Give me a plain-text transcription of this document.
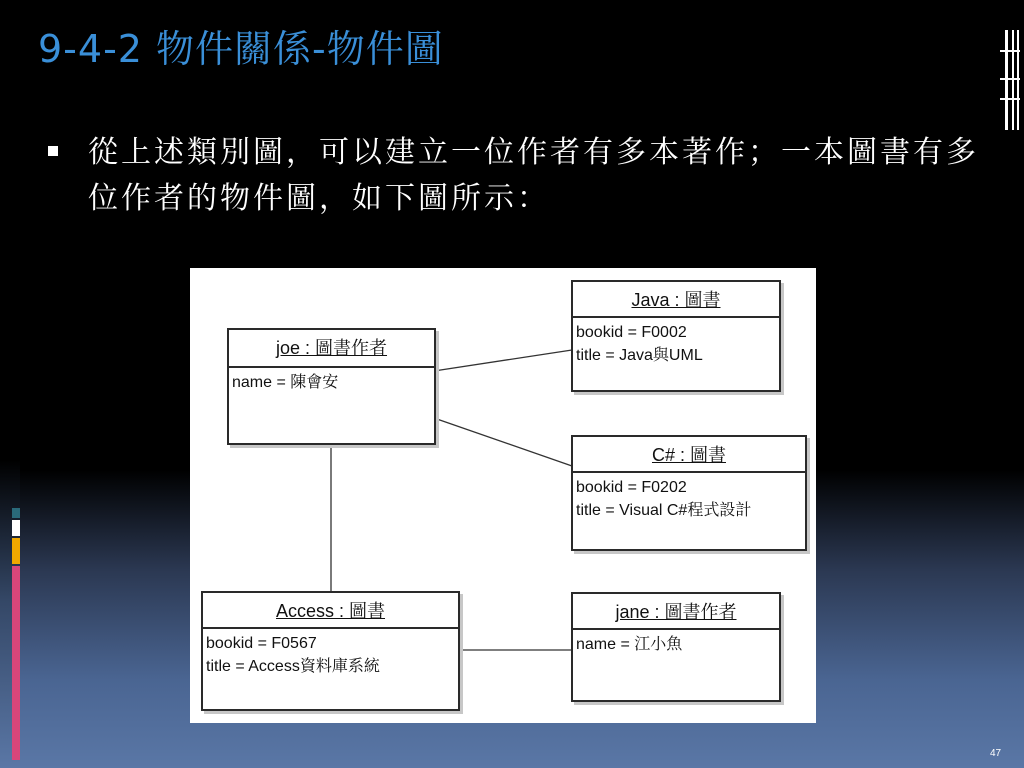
9-4-2 物件關係-物件圖

從上述類別圖，可以建立一位作者有多本著作；一本圖書有多位作者的物件圖，如下圖所示：

joe : 圖書作者
name = 陳會安
Java : 圖書
bookid = F0002
title = Java與UML
C# : 圖書
bookid = F0202
title = Visual C#程式設計
Access : 圖書
bookid = F0567
title = Access資料庫系統
jane : 圖書作者
name = 江小魚
47
